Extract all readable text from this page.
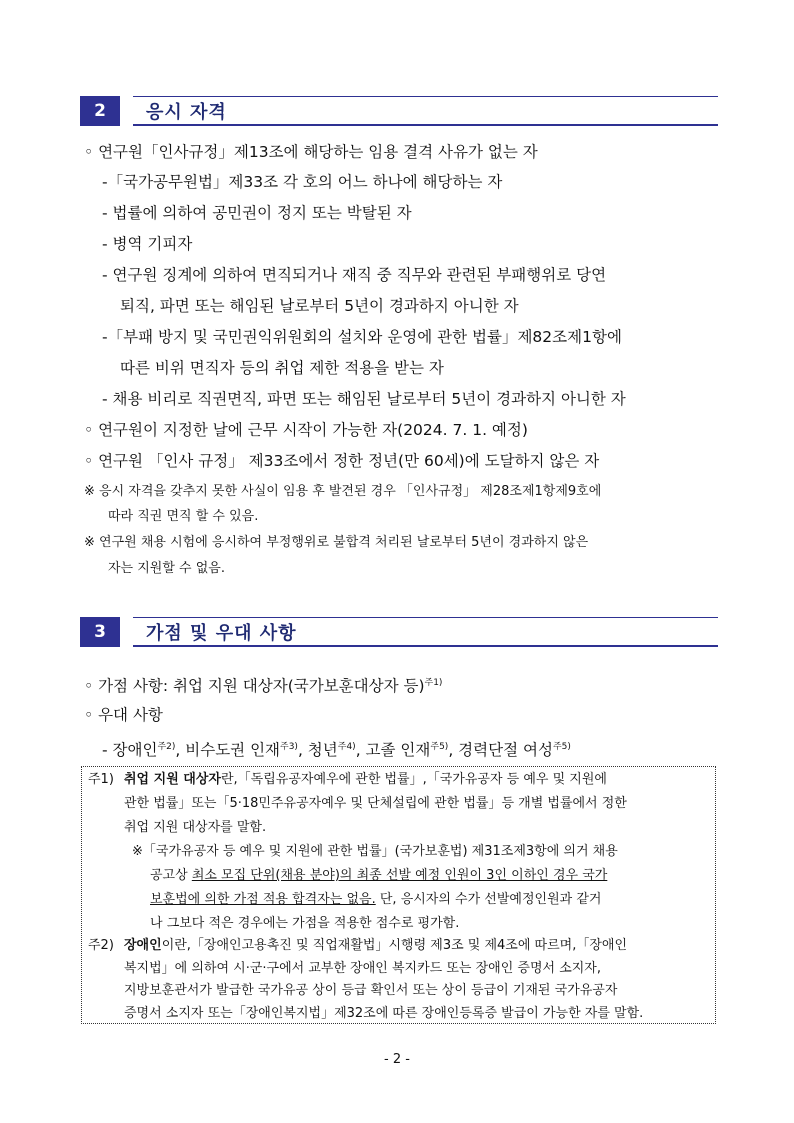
2	응시 자격
◦ 연구원「인사규정」제13조에 해당하는 임용 결격 사유가 없는 자
-「국가공무원법」제33조 각 호의 어느 하나에 해당하는 자
- 법률에 의하여 공민권이 정지 또는 박탈된 자
- 병역 기피자
- 연구원 징계에 의하여 면직되거나 재직 중 직무와 관련된 부패행위로 당연
퇴직, 파면 또는 해임된 날로부터 5년이 경과하지 아니한 자
-「부패 방지 및 국민권익위원회의 설치와 운영에 관한 법률」제82조제1항에
따른 비위 면직자 등의 취업 제한 적용을 받는 자
- 채용 비리로 직권면직, 파면 또는 해임된 날로부터 5년이 경과하지 아니한 자
◦ 연구원이 지정한 날에 근무 시작이 가능한 자(2024. 7. 1. 예정)
◦ 연구원 「인사 규정」 제33조에서 정한 정년(만 60세)에 도달하지 않은 자
※ 응시 자격을 갖추지 못한 사실이 임용 후 발견된 경우 「인사규정」 제28조제1항제9호에
따라 직권 면직 할 수 있음.
※ 연구원 채용 시험에 응시하여 부정행위로 불합격 처리된 날로부터 5년이 경과하지 않은
자는 지원할 수 없음.
3	가점 및 우대 사항
◦ 가점 사항: 취업 지원 대상자(국가보훈대상자 등)$^{주1)}$
◦ 우대 사항
- 장애인$^{주2)}$, 비수도권 인재$^{주3)}$, 청년$^{주4)}$, 고졸 인재$^{주5)}$, 경력단절 여성$^{주5)}$
주1) 취업 지원 대상자란,「독립유공자예우에 관한 법률」,「국가유공자 등 예우 및 지원에
관한 법률」또는「5·18민주유공자예우 및 단체설립에 관한 법률」등 개별 법률에서 정한
취업 지원 대상자를 말함.
※「국가유공자 등 예우 및 지원에 관한 법률」(국가보훈법) 제31조제3항에 의거 채용
공고상 최소 모집 단위(채용 분야)의 최종 선발 예정 인원이 3인 이하인 경우 국가
보훈법에 의한 가점 적용 합격자는 없음. 단, 응시자의 수가 선발예정인원과 같거
나 그보다 적은 경우에는 가점을 적용한 점수로 평가함.
주2) 장애인이란,「장애인고용촉진 및 직업재활법」시행령 제3조 및 제4조에 따르며,「장애인
복지법」에 의하여 시·군·구에서 교부한 장애인 복지카드 또는 장애인 증명서 소지자,
지방보훈관서가 발급한 국가유공 상이 등급 확인서 또는 상이 등급이 기재된 국가유공자
증명서 소지자 또는「장애인복지법」제32조에 따른 장애인등록증 발급이 가능한 자를 말함.
- 2 -
